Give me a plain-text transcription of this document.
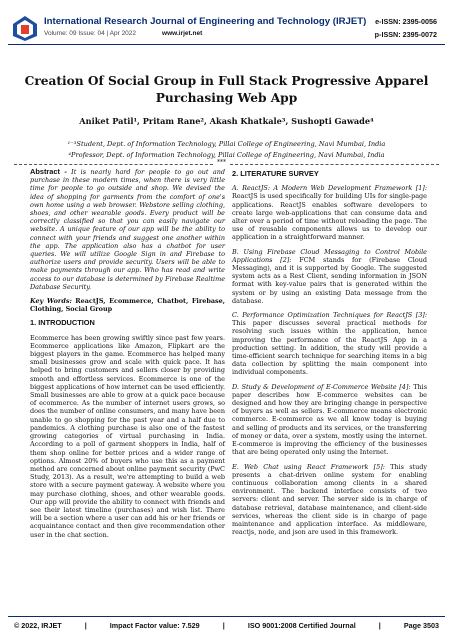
International Research Journal of Engineering and Technology (IRJET)
Volume: 09 Issue: 04 | Apr 2022	www.irjet.net
e-ISSN: 2395-0056
p-ISSN: 2395-0072
Creation Of Social Group in Full Stack Progressive Apparel Purchasing Web App
Aniket Patil¹, Pritam Rane², Akash Khatkale³, Sushopti Gawade⁴
¹⁻³Student, Dept. of Information Technology, Pillai College of Engineering, Navi Mumbai, India
⁴Professor, Dept. of Information Technology, Pillai College of Engineering, Navi Mumbai, India
***

Abstract - It is nearly hard for people to go out and purchase in these modern times, when there is very little time for people to go outside and shop. We devised the idea of shopping for garments from the comfort of one's own home using a web browser. Webstore selling clothing, shoes, and other wearable goods. Every product will be correctly classified so that you can easily navigate our website. A unique feature of our app will be the ability to connect with your friends and suggest one another within the app. The application also has a chatbot for user queries. We will utilize Google Sign in and Firebase to authorize users and provide security. Users will be able to make payments through our app. Who has read and write access to our database is determined by Firebase Realtime Database Security.

Key Words: ReactJS, Ecommerce, Chatbot, Firebase, Clothing, Social Group

1. INTRODUCTION

Ecommerce has been growing swiftly since past few years. Ecommerce applications like Amazon, Flipkart are the biggest players in the game. Ecommerce has helped many small businesses grow and scale with quick pace. It has helped to bring customers and sellers closer by providing smooth and effortless services. Ecommerce is one of the biggest applications of how internet can be used efficiently. Small businesses are able to grow at a quick pace because of ecommerce. As the number of internet users grows, so does the number of online consumers, and many have been unable to go shopping for the past year and a half due to pandemics. A clothing purchase is also one of the fastest growing categories of virtual purchasing in India. According to a poll of garment shoppers in India, half of them shop online for better prices and a wider range of options. Almost 20% of buyers who use this as a payment method are concerned about online payment security (PwC Study, 2013). As a result, we're attempting to build a web store with a secure payment gateway. A website where you may purchase clothing, shoes, and other wearable goods. Our app will provide the ability to connect with friends and see their latest timeline (purchases) and wish list. There will be a section where a user can add his or her friends or acquaintance contact and then give recommendation other user in the chat section.

2. LITERATURE SURVEY

A. ReactJS: A Modern Web Development Framework [1]: ReactJS is used specifically for building UIs for single-page applications. ReactJS enables software developers to create large web-applications that can consume data and alter over a period of time without reloading the page. The use of reusable components allows us to develop our application in a straightforward manner.

B. Using Firebase Cloud Messaging to Control Mobile Applications [2]: FCM stands for (Firebase Cloud Messaging), and it is supported by Google. The suggested system acts as a Rest Client, sending information in JSON format with key-value pairs that is generated within the system or by using an existing Data message from the database.

C. Performance Optimization Techniques for ReactJS [3]: This paper discusses several practical methods for resolving such issues within the application, hence improving the performance of the ReactJS App in a production setting. In addition, the study will provide a time-efficient search technique for searching items in a big data collection by splitting the main component into individual components.

D. Study & Development of E-Commerce Website [4]: This paper describes how E-commerce websites can be designed and how they are bringing change in perspective of buyers as well as sellers. E-commerce means electronic commerce. E-commerce as we all know today is buying and selling of products and its services, or the transferring of money or data, over a system, mostly using the internet. E-commerce is improving the efficiency of the businesses that are being operated only using the Internet.

E. Web Chat using React Framework [5]: This study presents a chat-driven online system for enabling continuous collaboration among clients in a shared environment. The backend interface consists of two servers: client and server. The server side is in charge of database retrieval, database maintenance, and client-side services, whereas the client side is in charge of page maintenance and application interface. As middleware, reactjs, node, and json are used in this framework.

© 2022, IRJET	|	Impact Factor value: 7.529	|	ISO 9001:2008 Certified Journal	|	Page 3503
